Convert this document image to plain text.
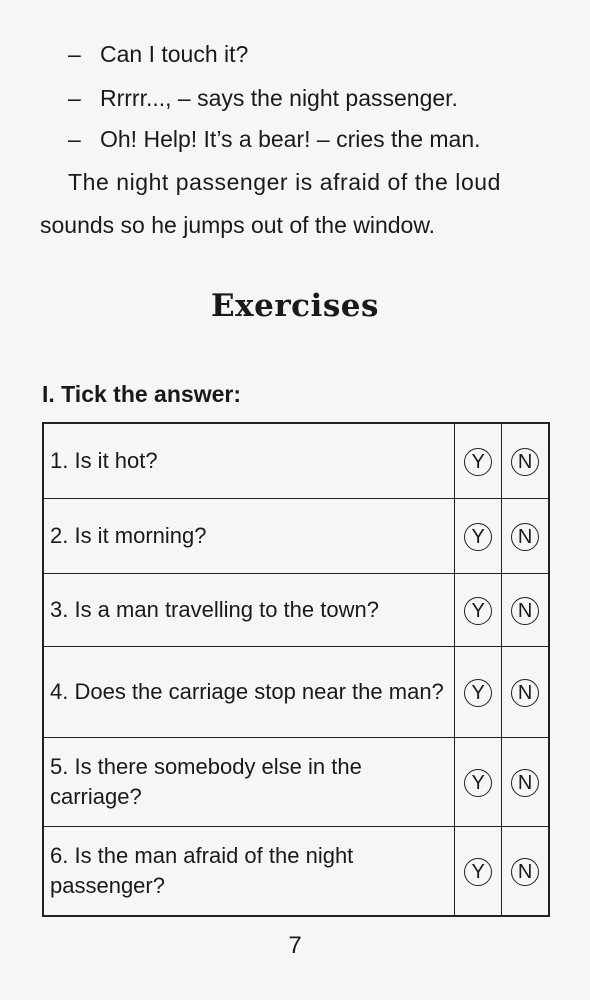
– Can I touch it?
– Rrrrr..., – says the night passenger.
– Oh! Help! It’s a bear! – cries the man.
The night passenger is afraid of the loud
sounds so he jumps out of the window.
Exercises
I. Tick the answer:
1. Is it hot?	Y	N
2. Is it morning?	Y	N
3. Is a man travelling to the town?	Y	N
4. Does the carriage stop near the man?	Y	N
5. Is there somebody else in the carriage?	Y	N
6. Is the man afraid of the night passenger?	Y	N
7
